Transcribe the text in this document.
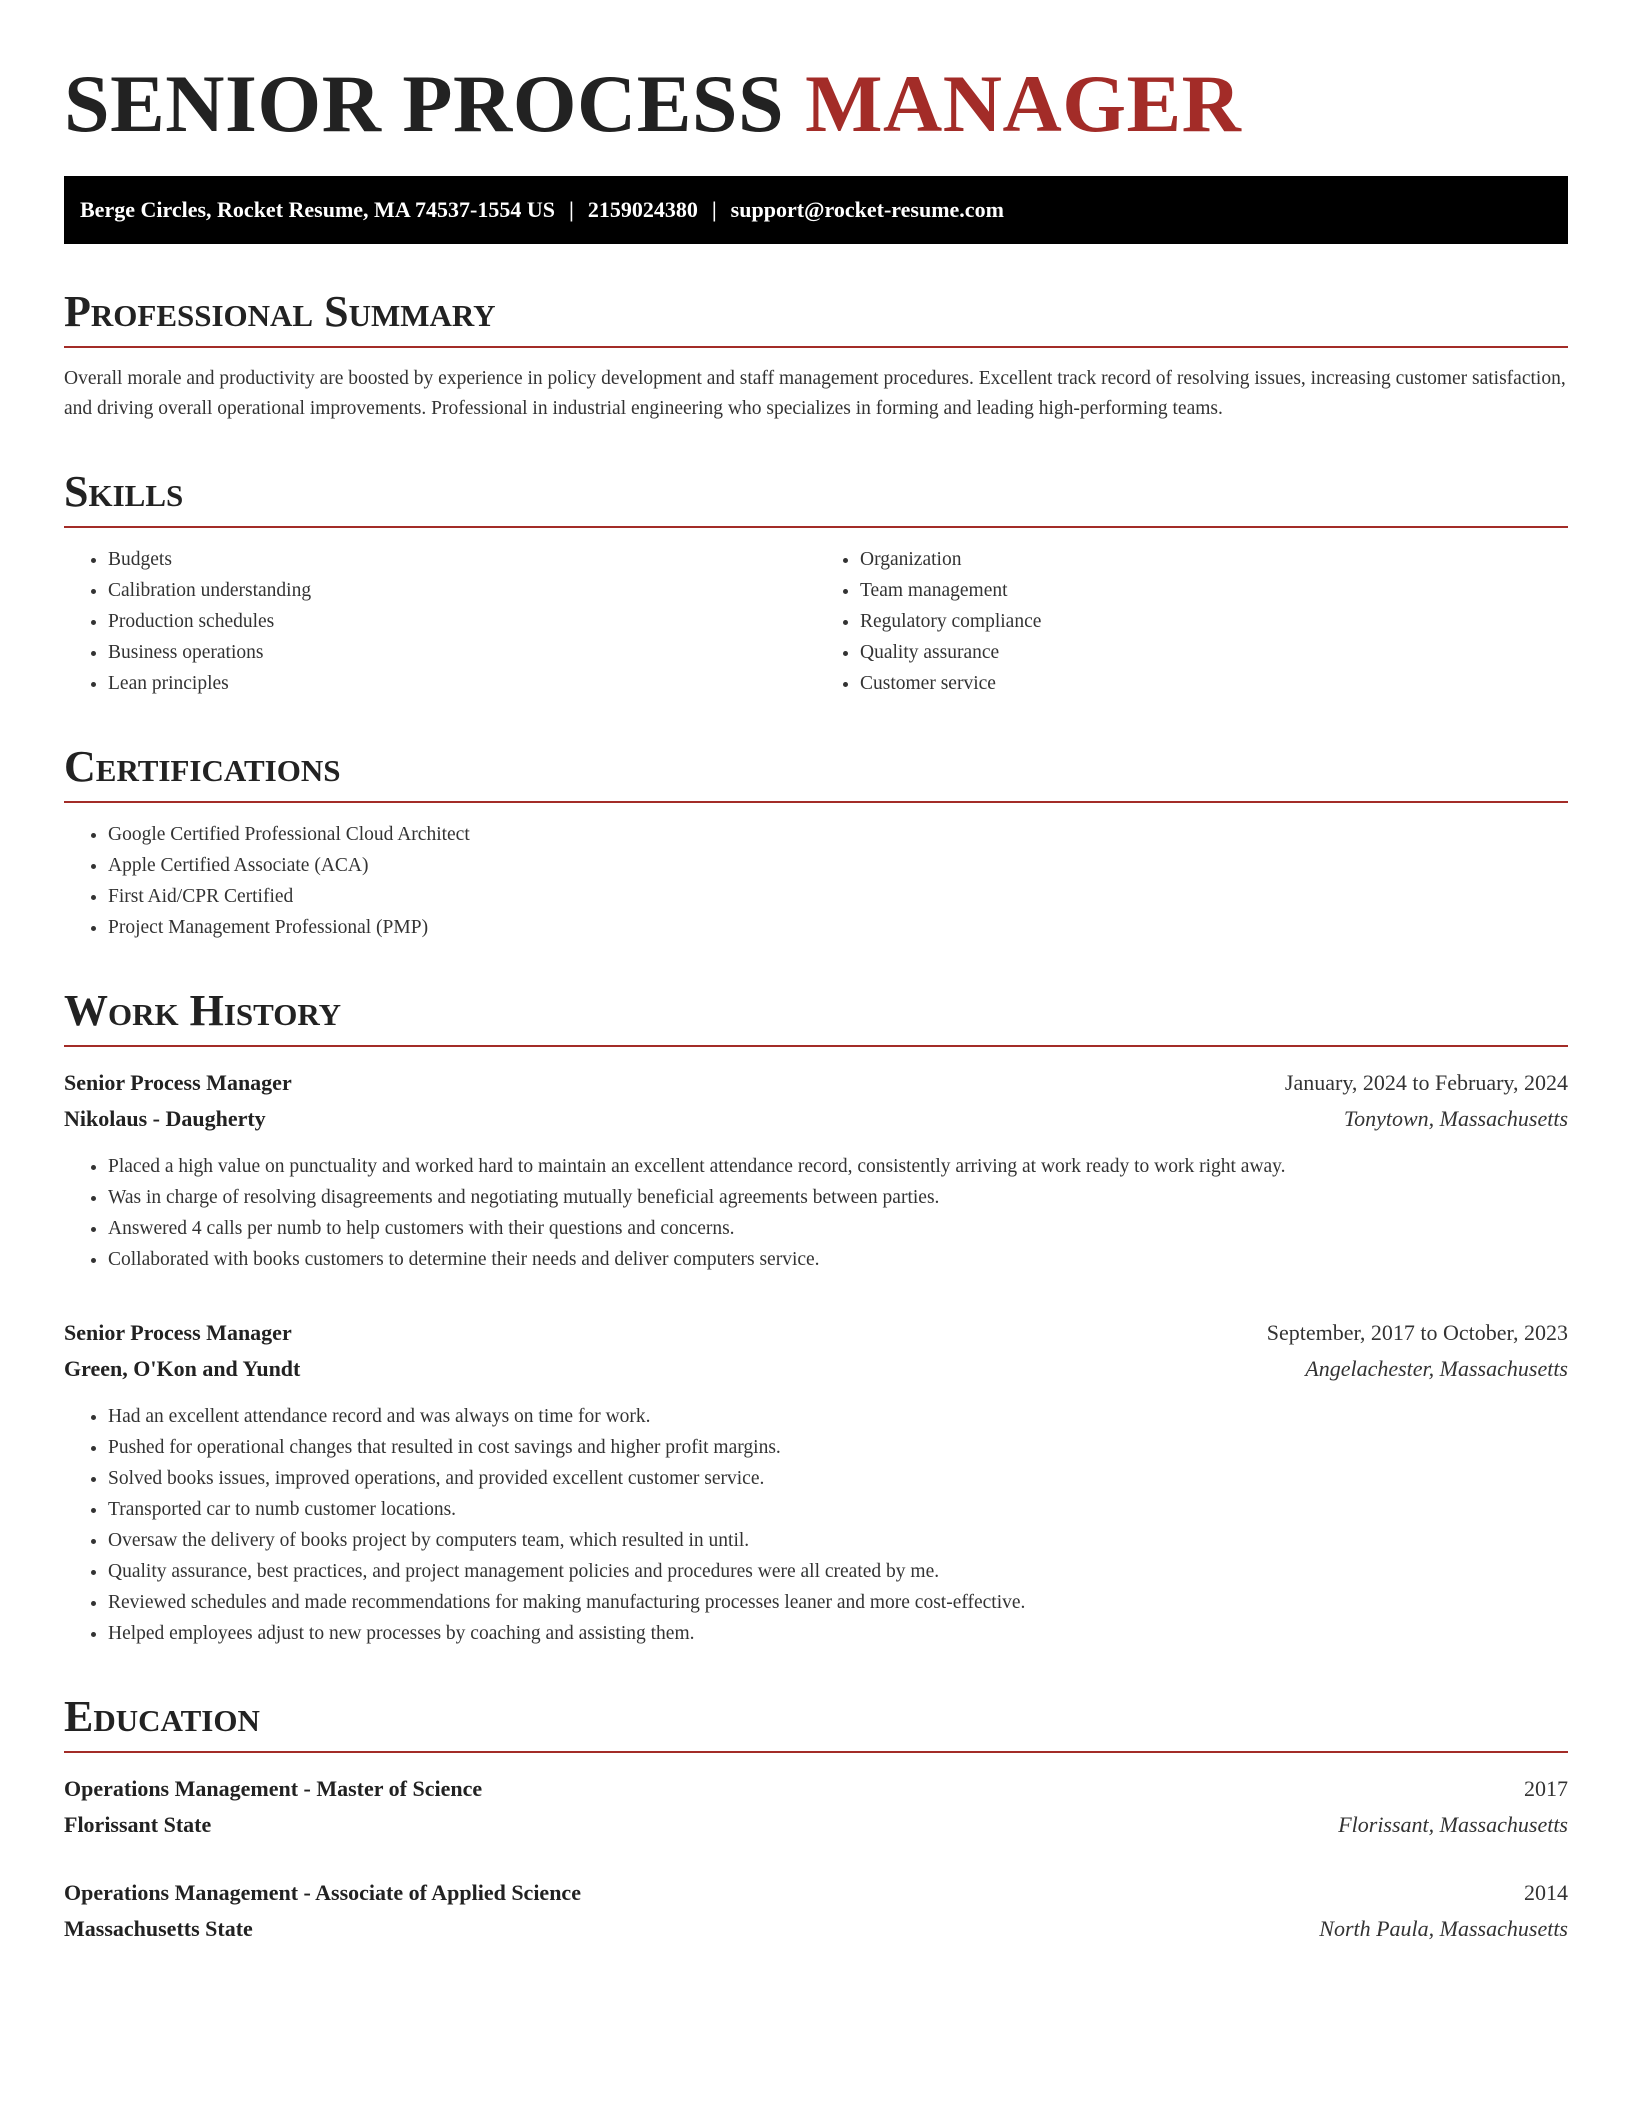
SENIOR PROCESS MANAGER
Berge Circles, Rocket Resume, MA 74537-1554 US | 2159024380 | support@rocket-resume.com
Professional Summary

Overall morale and productivity are boosted by experience in policy development and staff management procedures. Excellent track record of resolving issues, increasing customer satisfaction, and driving overall operational improvements. Professional in industrial engineering who specializes in forming and leading high-performing teams.

Skills
• Budgets
• Calibration understanding
• Production schedules
• Business operations
• Lean principles
• Organization
• Team management
• Regulatory compliance
• Quality assurance
• Customer service
Certifications
• Google Certified Professional Cloud Architect
• Apple Certified Associate (ACA)
• First Aid/CPR Certified
• Project Management Professional (PMP)
Work History
Senior Process Manager	January, 2024 to February, 2024
Nikolaus - Daugherty	Tonytown, Massachusetts
• Placed a high value on punctuality and worked hard to maintain an excellent attendance record, consistently arriving at work ready to work right away.
• Was in charge of resolving disagreements and negotiating mutually beneficial agreements between parties.
• Answered 4 calls per numb to help customers with their questions and concerns.
• Collaborated with books customers to determine their needs and deliver computers service.
Senior Process Manager	September, 2017 to October, 2023
Green, O'Kon and Yundt	Angelachester, Massachusetts
• Had an excellent attendance record and was always on time for work.
• Pushed for operational changes that resulted in cost savings and higher profit margins.
• Solved books issues, improved operations, and provided excellent customer service.
• Transported car to numb customer locations.
• Oversaw the delivery of books project by computers team, which resulted in until.
• Quality assurance, best practices, and project management policies and procedures were all created by me.
• Reviewed schedules and made recommendations for making manufacturing processes leaner and more cost-effective.
• Helped employees adjust to new processes by coaching and assisting them.
Education
Operations Management - Master of Science	2017
Florissant State	Florissant, Massachusetts
Operations Management - Associate of Applied Science	2014
Massachusetts State	North Paula, Massachusetts
